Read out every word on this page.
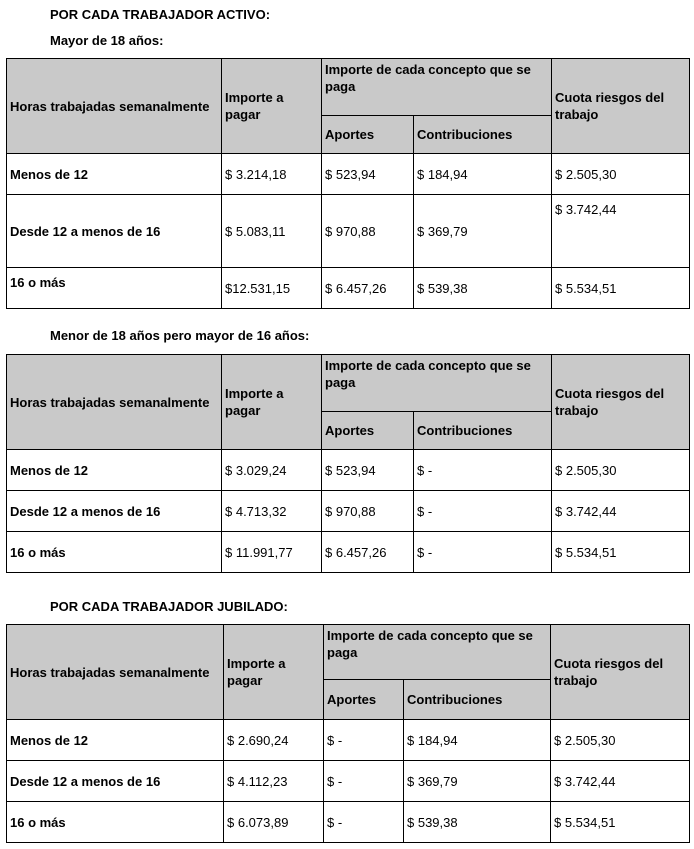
POR CADA TRABAJADOR ACTIVO:
Mayor de 18 años:
Horas trabajadas semanalmente	Importe a pagar	Importe de cada concepto que se paga		Cuota riesgos del trabajo
		Aportes	Contribuciones	
Menos de 12	$ 3.214,18	$ 523,94	$ 184,94	$ 2.505,30
Desde 12 a menos de 16	$ 5.083,11	$ 970,88	$ 369,79	$ 3.742,44
16 o más	$12.531,15	$ 6.457,26	$ 539,38	$ 5.534,51
Menor de 18 años pero mayor de 16 años:
Horas trabajadas semanalmente	Importe a pagar	Importe de cada concepto que se paga		Cuota riesgos del trabajo
		Aportes	Contribuciones	
Menos de 12	$ 3.029,24	$ 523,94	$ -	$ 2.505,30
Desde 12 a menos de 16	$ 4.713,32	$ 970,88	$ -	$ 3.742,44
16 o más	$ 11.991,77	$ 6.457,26	$ -	$ 5.534,51
POR CADA TRABAJADOR JUBILADO:
Horas trabajadas semanalmente	Importe a pagar	Importe de cada concepto que se paga		Cuota riesgos del trabajo
		Aportes	Contribuciones	
Menos de 12	$ 2.690,24	$ -	$ 184,94	$ 2.505,30
Desde 12 a menos de 16	$ 4.112,23	$ -	$ 369,79	$ 3.742,44
16 o más	$ 6.073,89	$ -	$ 539,38	$ 5.534,51
